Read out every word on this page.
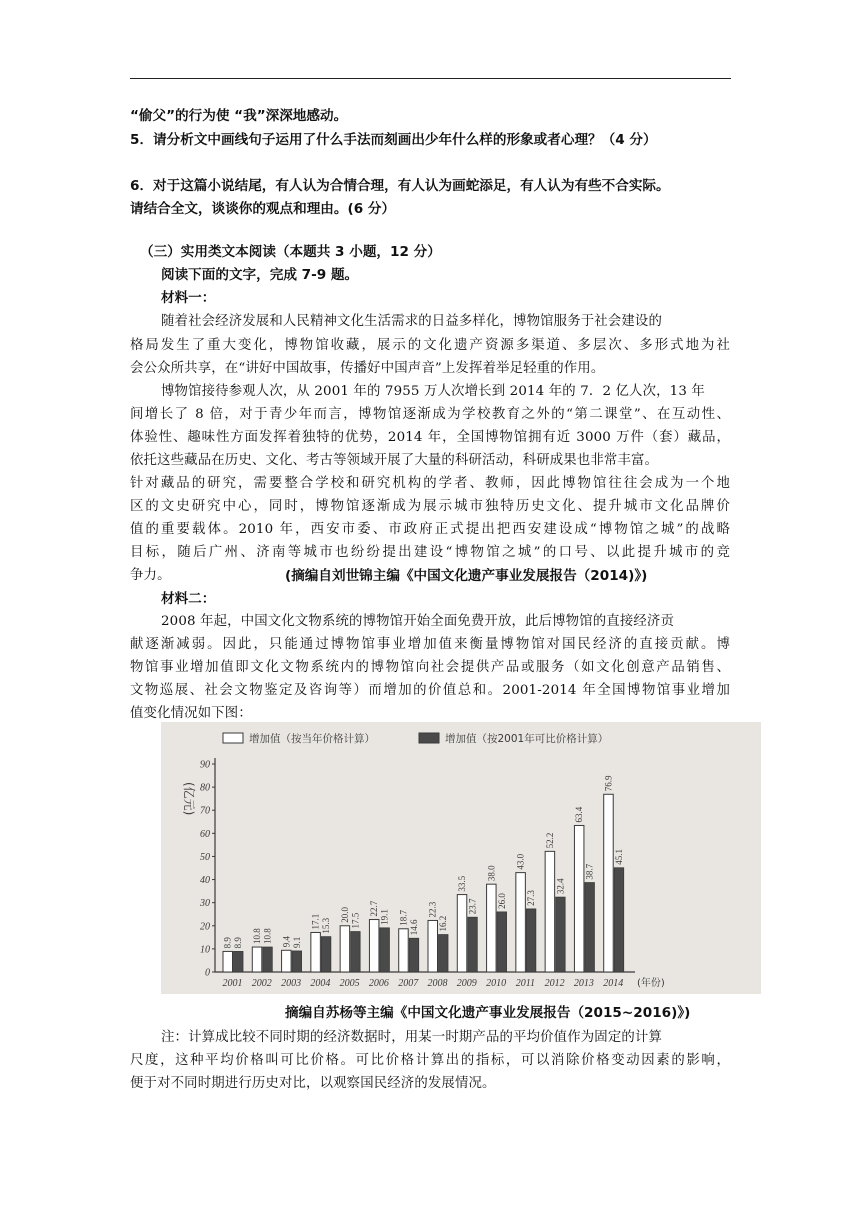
“偷父”的行为使 “我”深深地感动。
5．请分析文中画线句子运用了什么手法而刻画出少年什么样的形象或者心理？（4 分）
6．对于这篇小说结尾，有人认为合情合理，有人认为画蛇添足，有人认为有些不合实际。
请结合全文，谈谈你的观点和理由。(6 分）
（三）实用类文本阅读（本题共 3 小题，12 分）
阅读下面的文字，完成 7-9 题。
材料一：
随着社会经济发展和人民精神文化生活需求的日益多样化，博物馆服务于社会建设的
格局发生了重大变化，博物馆收藏，展示的文化遗产资源多渠道、多层次、多形式地为社
会公众所共享，在“讲好中国故事，传播好中国声音”上发挥着举足轻重的作用。
博物馆接待参观人次，从 2001 年的 7955 万人次增长到 2014 年的 7．2 亿人次，13 年
间增长了 8 倍，对于青少年而言，博物馆逐渐成为学校教育之外的“第二课堂”、在互动性、
体验性、趣味性方面发挥着独特的优势，2014 年，全国博物馆拥有近 3000 万件（套）藏品，
依托这些藏品在历史、文化、考古等领域开展了大量的科研活动，科研成果也非常丰富。
针对藏品的研究，需要整合学校和研究机构的学者、教师，因此博物馆往往会成为一个地
区的文史研究中心，同时，博物馆逐渐成为展示城市独特历史文化、提升城市文化品牌价
值的重要载体。2010 年，西安市委、市政府正式提出把西安建设成“博物馆之城”的战略
目标，随后广州、济南等城市也纷纷提出建设“博物馆之城”的口号、以此提升城市的竞
争力。	(摘编自刘世锦主编《中国文化遗产事业发展报告（2014)》)
材料二：
2008 年起，中国文化文物系统的博物馆开始全面免费开放，此后博物馆的直接经济贡
献逐渐减弱。因此，只能通过博物馆事业增加值来衡量博物馆对国民经济的直接贡献。博
物馆事业增加值即文化文物系统内的博物馆向社会提供产品或服务（如文化创意产品销售、
文物巡展、社会文物鉴定及咨询等）而增加的价值总和。2001-2014 年全国博物馆事业增加
值变化情况如下图：
0
10
20
30
40
50
60
70
80
90
(亿元)
增加值（按当年价格计算）	增加值（按2001年可比价格计算）
8.9 8.9
2001
10.8 10.8
2002
9.4 9.1
2003
17.1 15.3
2004
20.0 17.5
2005
22.7
19.1
2006
18.7
14.6
2007
22.3
16.2
2008
33.5
23.7
2009
38.0
26.0
2010
43.0
27.3
2011
52.2
32.4
2012
63.4
38.7
2013
76.9
45.1
2014 (年份)
摘编自苏杨等主编《中国文化遗产事业发展报告（2015~2016)》)
注：计算成比较不同时期的经济数据时，用某一时期产品的平均价值作为固定的计算
尺度，这种平均价格叫可比价格。可比价格计算出的指标，可以消除价格变动因素的影响，
便于对不同时期进行历史对比，以观察国民经济的发展情况。
